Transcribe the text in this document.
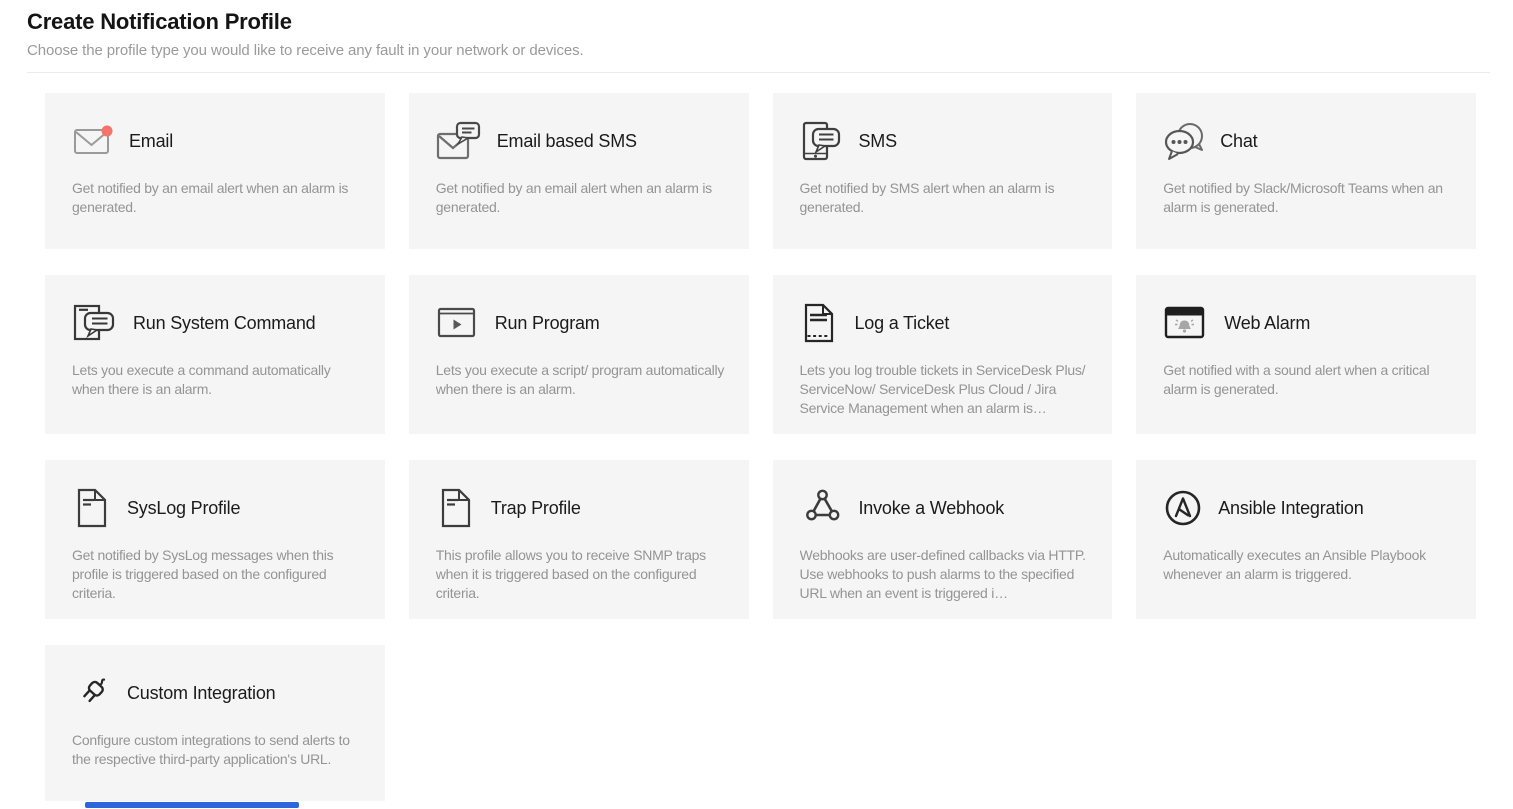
Create Notification Profile
Choose the profile type you would like to receive any fault in your network or devices.
Email

Get notified by an email alert when an alarm is generated.

Email based SMS

Get notified by an email alert when an alarm is generated.

SMS

Get notified by SMS alert when an alarm is generated.

Chat

Get notified by Slack/Microsoft Teams when an alarm is generated.

Run System Command

Lets you execute a command automatically when there is an alarm.

Run Program

Lets you execute a script/ program automatically when there is an alarm.

Log a Ticket

Lets you log trouble tickets in ServiceDesk Plus/ ServiceNow/ ServiceDesk Plus Cloud / Jira Service Management when an alarm is…

Web Alarm

Get notified with a sound alert when a critical alarm is generated.

SysLog Profile

Get notified by SysLog messages when this profile is triggered based on the configured criteria.

Trap Profile

This profile allows you to receive SNMP traps when it is triggered based on the configured criteria.

Invoke a Webhook

Webhooks are user-defined callbacks via HTTP. Use webhooks to push alarms to the specified URL when an event is triggered i…

Ansible Integration

Automatically executes an Ansible Playbook whenever an alarm is triggered.

Custom Integration

Configure custom integrations to send alerts to the respective third-party application's URL.
